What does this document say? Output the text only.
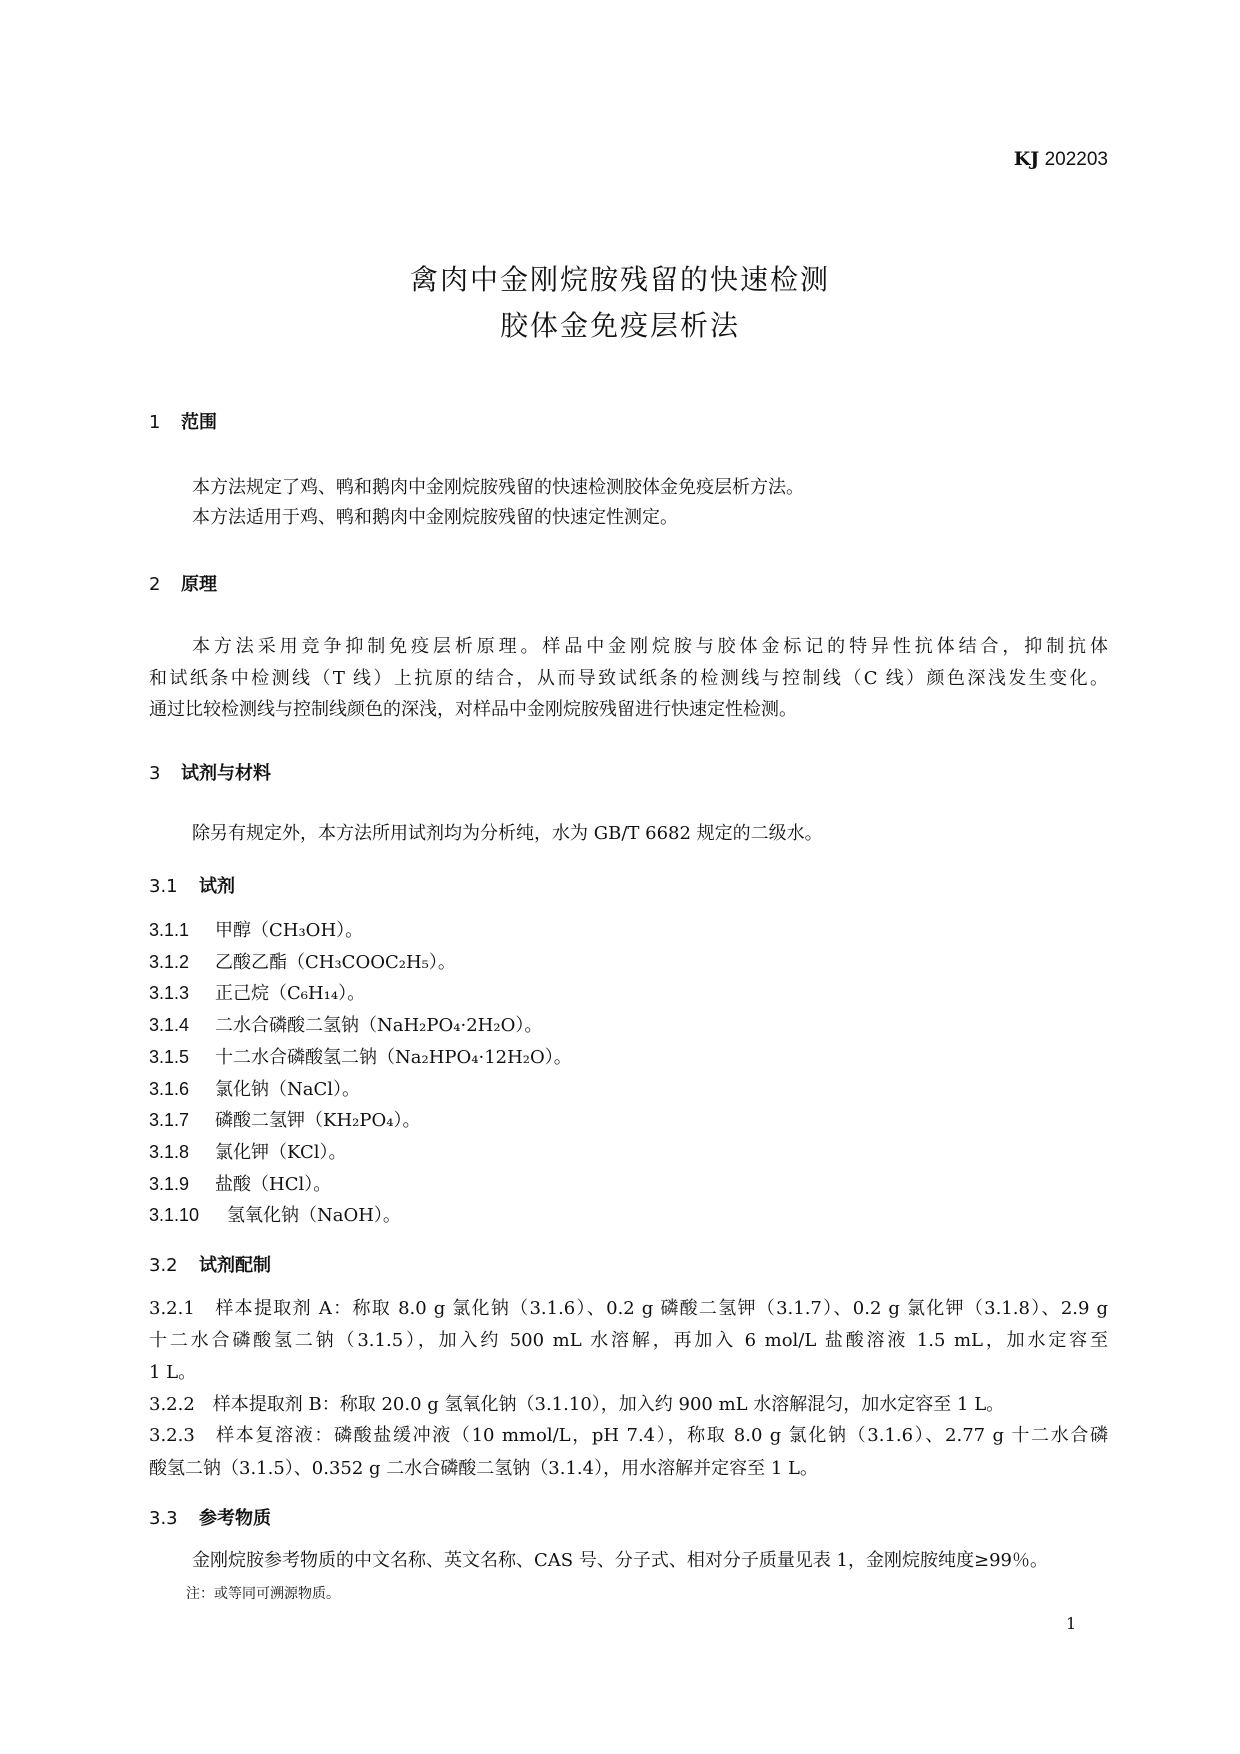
KJ 202203
禽肉中金刚烷胺残留的快速检测
胶体金免疫层析法
1 范围
本方法规定了鸡、鸭和鹅肉中金刚烷胺残留的快速检测胶体金免疫层析方法。
本方法适用于鸡、鸭和鹅肉中金刚烷胺残留的快速定性测定。
2 原理
本方法采用竞争抑制免疫层析原理。样品中金刚烷胺与胶体金标记的特异性抗体结合，抑制抗体
和试纸条中检测线（T 线）上抗原的结合，从而导致试纸条的检测线与控制线（C 线）颜色深浅发生变化。
通过比较检测线与控制线颜色的深浅，对样品中金刚烷胺残留进行快速定性检测。
3 试剂与材料
除另有规定外，本方法所用试剂均为分析纯，水为 GB/T 6682 规定的二级水。
3.1 试剂
3.1.1 甲醇（CH₃OH）。
3.1.2 乙酸乙酯（CH₃COOC₂H₅）。
3.1.3 正己烷（C₆H₁₄）。
3.1.4 二水合磷酸二氢钠（NaH₂PO₄·2H₂O）。
3.1.5 十二水合磷酸氢二钠（Na₂HPO₄·12H₂O）。
3.1.6 氯化钠（NaCl）。
3.1.7 磷酸二氢钾（KH₂PO₄）。
3.1.8 氯化钾（KCl）。
3.1.9 盐酸（HCl）。
3.1.10 氢氧化钠（NaOH）。
3.2 试剂配制
3.2.1　样本提取剂 A：称取 8.0 g 氯化钠（3.1.6）、0.2 g 磷酸二氢钾（3.1.7）、0.2 g 氯化钾（3.1.8）、2.9 g
十二水合磷酸氢二钠（3.1.5），加入约 500 mL 水溶解，再加入 6 mol/L 盐酸溶液 1.5 mL，加水定容至
1 L。
3.2.2　样本提取剂 B：称取 20.0 g 氢氧化钠（3.1.10），加入约 900 mL 水溶解混匀，加水定容至 1 L。
3.2.3　样本复溶液：磷酸盐缓冲液（10 mmol/L，pH 7.4），称取 8.0 g 氯化钠（3.1.6）、2.77 g 十二水合磷
酸氢二钠（3.1.5）、0.352 g 二水合磷酸二氢钠（3.1.4），用水溶解并定容至 1 L。
3.3 参考物质
金刚烷胺参考物质的中文名称、英文名称、CAS 号、分子式、相对分子质量见表 1，金刚烷胺纯度≥99％。
注：或等同可溯源物质。
1
